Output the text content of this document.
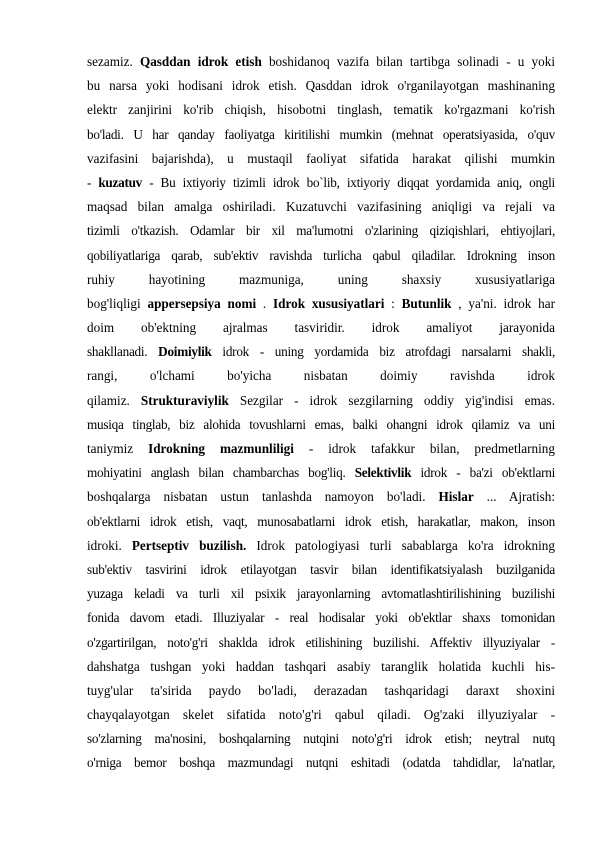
sezamiz. Qasddan idrok etish boshidanoq vazifa bilan tartibga solinadi - u yoki
bu narsa yoki hodisani idrok etish. Qasddan idrok o'rganilayotgan mashinaning
elektr zanjirini ko'rib chiqish, hisobotni tinglash, tematik ko'rgazmani ko'rish
bo'ladi. U har qanday faoliyatga kiritilishi mumkin (mehnat operatsiyasida, o'quv
vazifasini bajarishda), u mustaqil faoliyat sifatida harakat qilishi mumkin
- kuzatuv - Bu ixtiyoriy tizimli idrok bo`lib, ixtiyoriy diqqat yordamida aniq, ongli
maqsad bilan amalga oshiriladi. Kuzatuvchi vazifasining aniqligi va rejali va
tizimli o'tkazish. Odamlar bir xil ma'lumotni o'zlarining qiziqishlari, ehtiyojlari,
qobiliyatlariga qarab, sub'ektiv ravishda turlicha qabul qiladilar. Idrokning inson
ruhiy hayotining mazmuniga, uning shaxsiy xususiyatlariga
bog'liqligi appersepsiya nomi . Idrok xususiyatlari : Butunlik , ya'ni. idrok har
doim ob'ektning ajralmas tasviridir. idrok amaliyot jarayonida
shakllanadi. Doimiylik idrok - uning yordamida biz atrofdagi narsalarni shakli,
rangi, o'lchami bo'yicha nisbatan doimiy ravishda idrok
qilamiz. Strukturaviylik Sezgilar - idrok sezgilarning oddiy yig'indisi emas.
musiqa tinglab, biz alohida tovushlarni emas, balki ohangni idrok qilamiz va uni
taniymiz Idrokning mazmunliligi - idrok tafakkur bilan, predmetlarning
mohiyatini anglash bilan chambarchas bog'liq. Selektivlik idrok - ba'zi ob'ektlarni
boshqalarga nisbatan ustun tanlashda namoyon bo'ladi. Hislar ... Ajratish:
ob'ektlarni idrok etish, vaqt, munosabatlarni idrok etish, harakatlar, makon, inson
idroki. Pertseptiv buzilish. Idrok patologiyasi turli sabablarga ko'ra idrokning
sub'ektiv tasvirini idrok etilayotgan tasvir bilan identifikatsiyalash buzilganida
yuzaga keladi va turli xil psixik jarayonlarning avtomatlashtirilishining buzilishi
fonida davom etadi. Illuziyalar - real hodisalar yoki ob'ektlar shaxs tomonidan
o'zgartirilgan, noto'g'ri shaklda idrok etilishining buzilishi. Affektiv illyuziyalar -
dahshatga tushgan yoki haddan tashqari asabiy taranglik holatida kuchli his-
tuyg'ular ta'sirida paydo bo'ladi, derazadan tashqaridagi daraxt shoxini
chayqalayotgan skelet sifatida noto'g'ri qabul qiladi. Og'zaki illyuziyalar -
so'zlarning ma'nosini, boshqalarning nutqini noto'g'ri idrok etish; neytral nutq
o'rniga bemor boshqa mazmundagi nutqni eshitadi (odatda tahdidlar, la'natlar,
